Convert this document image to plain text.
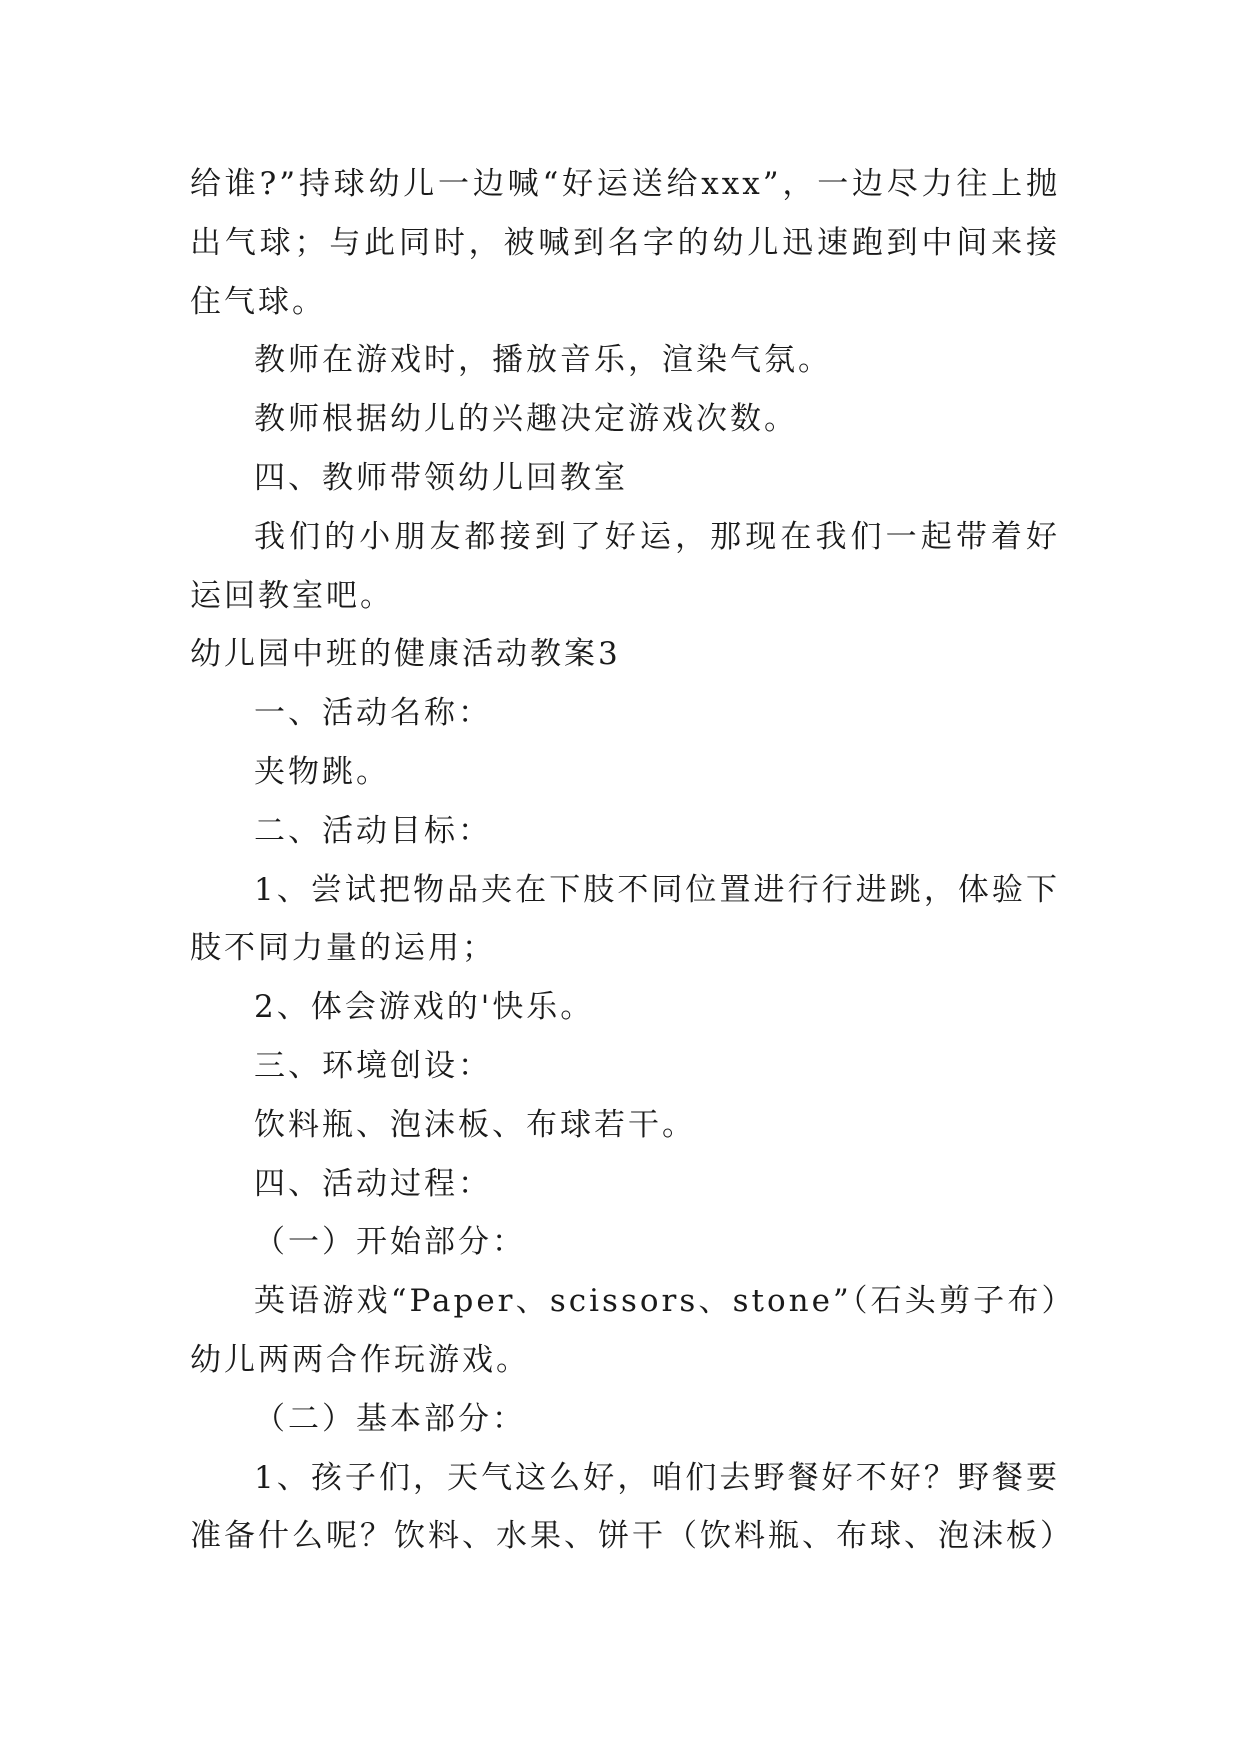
给谁?”持球幼儿一边喊“好运送给xxx”，一边尽力往上抛出气球；与此同时，被喊到名字的幼儿迅速跑到中间来接住气球。

教师在游戏时，播放音乐，渲染气氛。

教师根据幼儿的兴趣决定游戏次数。

四、教师带领幼儿回教室

我们的小朋友都接到了好运，那现在我们一起带着好运回教室吧。

幼儿园中班的健康活动教案3

一、活动名称：

夹物跳。

二、活动目标：

1、尝试把物品夹在下肢不同位置进行行进跳，体验下肢不同力量的运用；

2、体会游戏的'快乐。

三、环境创设：

饮料瓶、泡沫板、布球若干。

四、活动过程：

（一）开始部分：

英语游戏“Paper、scissors、stone”（石头剪子布）幼儿两两合作玩游戏。

（二）基本部分：

1、孩子们，天气这么好，咱们去野餐好不好？野餐要准备什么呢？饮料、水果、饼干（饮料瓶、布球、泡沫板）
